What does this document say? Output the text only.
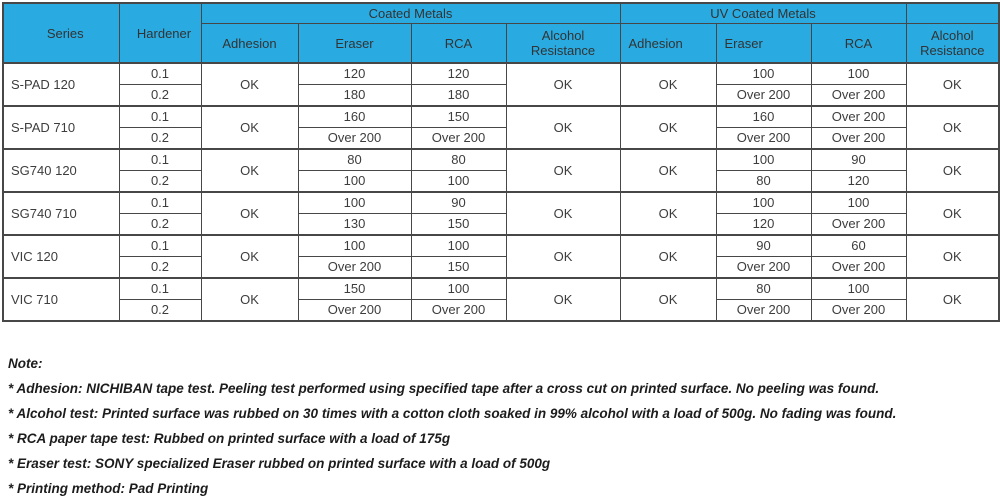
Series	Hardener	Coated Metals				UV Coated Metals			
		Adhesion	Eraser	RCA	Alcohol Resistance	Adhesion	Eraser	RCA	Alcohol Resistance
S-PAD 120	0.1	OK	120	120	OK	OK	100	100	OK
	0.2		180	180			Over 200	Over 200	
S-PAD 710	0.1	OK	160	150	OK	OK	160	Over 200	OK
	0.2		Over 200	Over 200			Over 200	Over 200	
SG740 120	0.1	OK	80	80	OK	OK	100	90	OK
	0.2		100	100			80	120	
SG740 710	0.1	OK	100	90	OK	OK	100	100	OK
	0.2		130	150			120	Over 200	
VIC 120	0.1	OK	100	100	OK	OK	90	60	OK
	0.2		Over 200	150			Over 200	Over 200	
VIC 710	0.1	OK	150	100	OK	OK	80	100	OK
	0.2		Over 200	Over 200			Over 200	Over 200	
Note:
* Adhesion: NICHIBAN tape test. Peeling test performed using specified tape after a cross cut on printed surface. No peeling was found.
* Alcohol test: Printed surface was rubbed on 30 times with a cotton cloth soaked in 99% alcohol with a load of 500g. No fading was found.
* RCA paper tape test: Rubbed on printed surface with a load of 175g
* Eraser test: SONY specialized Eraser rubbed on printed surface with a load of 500g
* Printing method: Pad Printing
